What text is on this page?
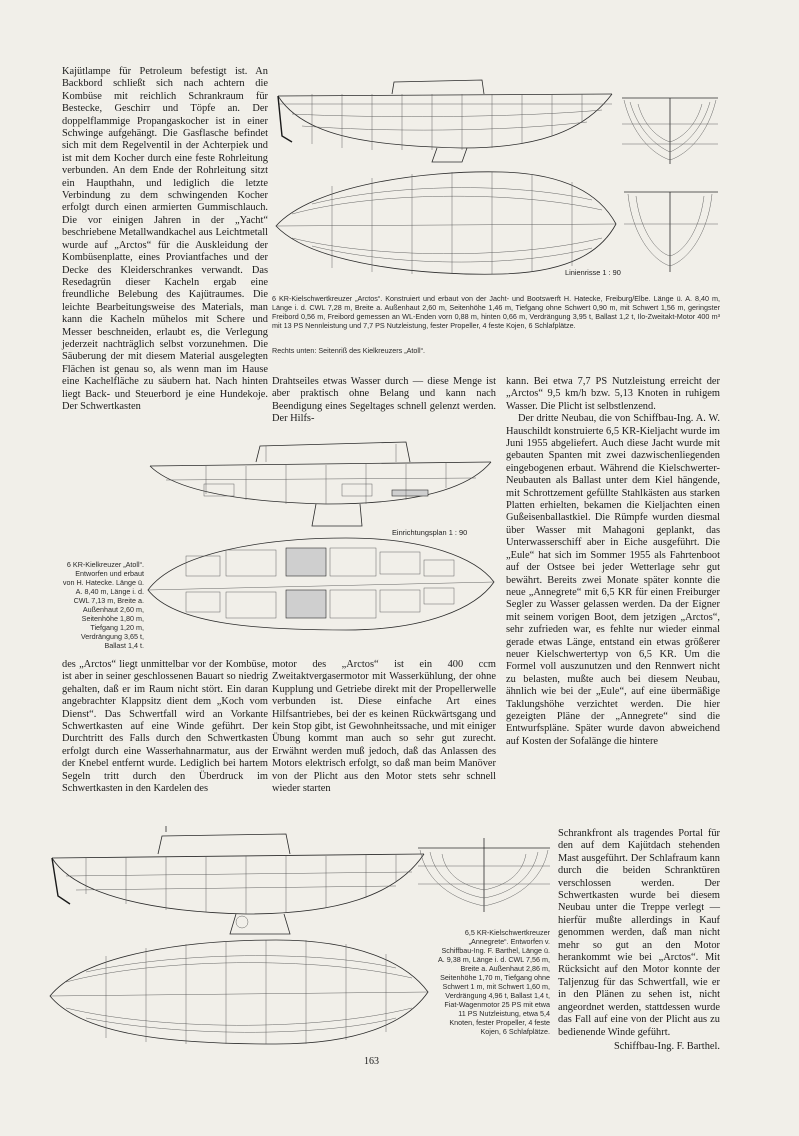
Kajütlampe für Petroleum befestigt ist. An Backbord schließt sich nach achtern die Kombüse mit reichlich Schrankraum für Bestecke, Geschirr und Töpfe an. Der doppelflammige Propangaskocher ist in einer Schwinge aufgehängt. Die Gasflasche befindet sich mit dem Regelventil in der Achterpiek und ist mit dem Kocher durch eine feste Rohrleitung verbunden. An dem Ende der Rohrleitung sitzt ein Haupthahn, und lediglich die letzte Verbindung zu dem schwingenden Kocher erfolgt durch einen armierten Gummischlauch. Die vor einigen Jahren in der „Yacht“ beschriebene Metallwandkachel aus Leichtmetall wurde auf „Arctos“ für die Auskleidung der Kombüsenplatte, eines Proviantfaches und der Decke des Kleiderschrankes verwandt. Das Resedagrün dieser Kacheln ergab eine freundliche Belebung des Kajütraumes. Die leichte Bearbeitungsweise des Materials, man kann die Kacheln mühelos mit Schere und Messer beschneiden, erlaubt es, die Verlegung jederzeit nachträglich selbst vorzunehmen. Die Säuberung der mit diesem Material ausgelegten Flächen ist genau so, als wenn man im Hause eine Kachelfläche zu säubern hat. Nach hinten liegt Back- und Steuerbord je eine Hundekoje. Der Schwertkasten

Linienrisse 1 : 90
6 KR-Kielschwertkreuzer „Arctos“. Konstruiert und erbaut von der Jacht- und Bootswerft H. Hatecke, Freiburg/Elbe. Länge ü. A. 8,40 m, Länge i. d. CWL 7,28 m, Breite a. Außenhaut 2,60 m, Seitenhöhe 1,46 m, Tiefgang ohne Schwert 0,90 m, mit Schwert 1,56 m, geringster Freibord 0,56 m, Freibord gemessen an WL-Enden vorn 0,88 m, hinten 0,66 m, Verdrängung 3,95 t, Ballast 1,2 t, Ilo-Zweitakt-Motor 400 m³ mit 13 PS Nennleistung und 7,7 PS Nutzleistung, fester Propeller, 4 feste Kojen, 6 Schlafplätze.
Rechts unten: Seitenriß des Kielkreuzers „Atoll“.

Drahtseiles etwas Wasser durch — diese Menge ist aber praktisch ohne Belang und kann nach Beendigung eines Segeltages schnell gelenzt werden. Der Hilfs-

kann. Bei etwa 7,7 PS Nutzleistung erreicht der „Arctos“ 9,5 km/h bzw. 5,13 Knoten in ruhigem Wasser. Die Plicht ist selbstlenzend.

Der dritte Neubau, die von Schiffbau-Ing. A. W. Hauschildt konstruierte 6,5 KR-Kieljacht wurde im Juni 1955 abgeliefert. Auch diese Jacht wurde mit gebauten Spanten mit zwei dazwischenliegenden eingebogenen erbaut. Während die Kielschwerter-Neubauten als Ballast unter dem Kiel hängende, mit Schrottzement gefüllte Stahlkästen aus starken Platten erhielten, bekamen die Kieljachten einen Gußeisenballastkiel. Die Rümpfe wurden diesmal über Wasser mit Mahagoni geplankt, das Unterwasserschiff aber in Eiche ausgeführt. Die „Eule“ hat sich im Sommer 1955 als Fahrtenboot auf der Ostsee bei jeder Wetterlage sehr gut bewährt. Bereits zwei Monate später konnte die neue „Annegrete“ mit 6,5 KR für einen Freiburger Segler zu Wasser gelassen werden. Da der Eigner mit seinem vorigen Boot, dem jetzigen „Arctos“, sehr zufrieden war, es fehlte nur wieder einmal gerade etwas Länge, entstand ein etwas größerer neuer Kielschwertertyp von 6,5 KR. Um die Formel voll auszunutzen und den Rennwert nicht zu belasten, mußte auch bei diesem Neubau, ähnlich wie bei der „Eule“, auf eine übermäßige Taklungshöhe verzichtet werden. Die hier gezeigten Pläne der „Annegrete“ sind die Entwurfspläne. Später wurde davon abweichend auf Kosten der Sofalänge die hintere

Einrichtungsplan 1 : 90
6 KR-Kielkreuzer „Atoll“. Entworfen und erbaut von H. Hatecke. Länge ü. A. 8,40 m, Länge i. d. CWL 7,13 m, Breite a. Außenhaut 2,60 m, Seitenhöhe 1,80 m, Tiefgang 1,20 m, Verdrängung 3,65 t, Ballast 1,4 t.

des „Arctos“ liegt unmittelbar vor der Kombüse, ist aber in seiner geschlossenen Bauart so niedrig gehalten, daß er im Raum nicht stört. Ein daran angebrachter Klappsitz dient dem „Koch vom Dienst“. Das Schwertfall wird an Vorkante Schwertkasten auf eine Winde geführt. Der Durchtritt des Falls durch den Schwertkasten erfolgt durch eine Wasserhahnarmatur, aus der der Knebel entfernt wurde. Lediglich bei hartem Segeln tritt durch den Überdruck im Schwertkasten in den Kardelen des

motor des „Arctos“ ist ein 400 ccm Zweitaktvergasermotor mit Wasserkühlung, der ohne Kupplung und Getriebe direkt mit der Propellerwelle verbunden ist. Diese einfache Art eines Hilfsantriebes, bei der es keinen Rückwärtsgang und kein Stop gibt, ist Gewohnheitssache, und mit einiger Übung kommt man auch so sehr gut zurecht. Erwähnt werden muß jedoch, daß das Anlassen des Motors elektrisch erfolgt, so daß man beim Manöver von der Plicht aus den Motor stets sehr schnell wieder starten

6,5 KR-Kielschwertkreuzer „Annegrete“. Entworfen v. Schiffbau-Ing. F. Barthel, Länge ü. A. 9,38 m, Länge i. d. CWL 7,56 m, Breite a. Außenhaut 2,86 m, Seitenhöhe 1,70 m, Tiefgang ohne Schwert 1 m, mit Schwert 1,60 m, Verdrängung 4,96 t, Ballast 1,4 t, Fiat-Wagenmotor 25 PS mit etwa 11 PS Nutzleistung, etwa 5,4 Knoten, fester Propeller, 4 feste Kojen, 6 Schlafplätze.

Schrankfront als tragendes Portal für den auf dem Kajütdach stehenden Mast ausgeführt. Der Schlafraum kann durch die beiden Schranktüren verschlossen werden. Der Schwertkasten wurde bei diesem Neubau unter die Treppe verlegt — hierfür mußte allerdings in Kauf genommen werden, daß man nicht mehr so gut an den Motor herankommt wie bei „Arctos“. Mit Rücksicht auf den Motor konnte der Taljenzug für das Schwertfall, wie er in den Plänen zu sehen ist, nicht angeordnet werden, stattdessen wurde das Fall auf eine von der Plicht aus zu bedienende Winde geführt.

Schiffbau-Ing. F. Barthel.

163
